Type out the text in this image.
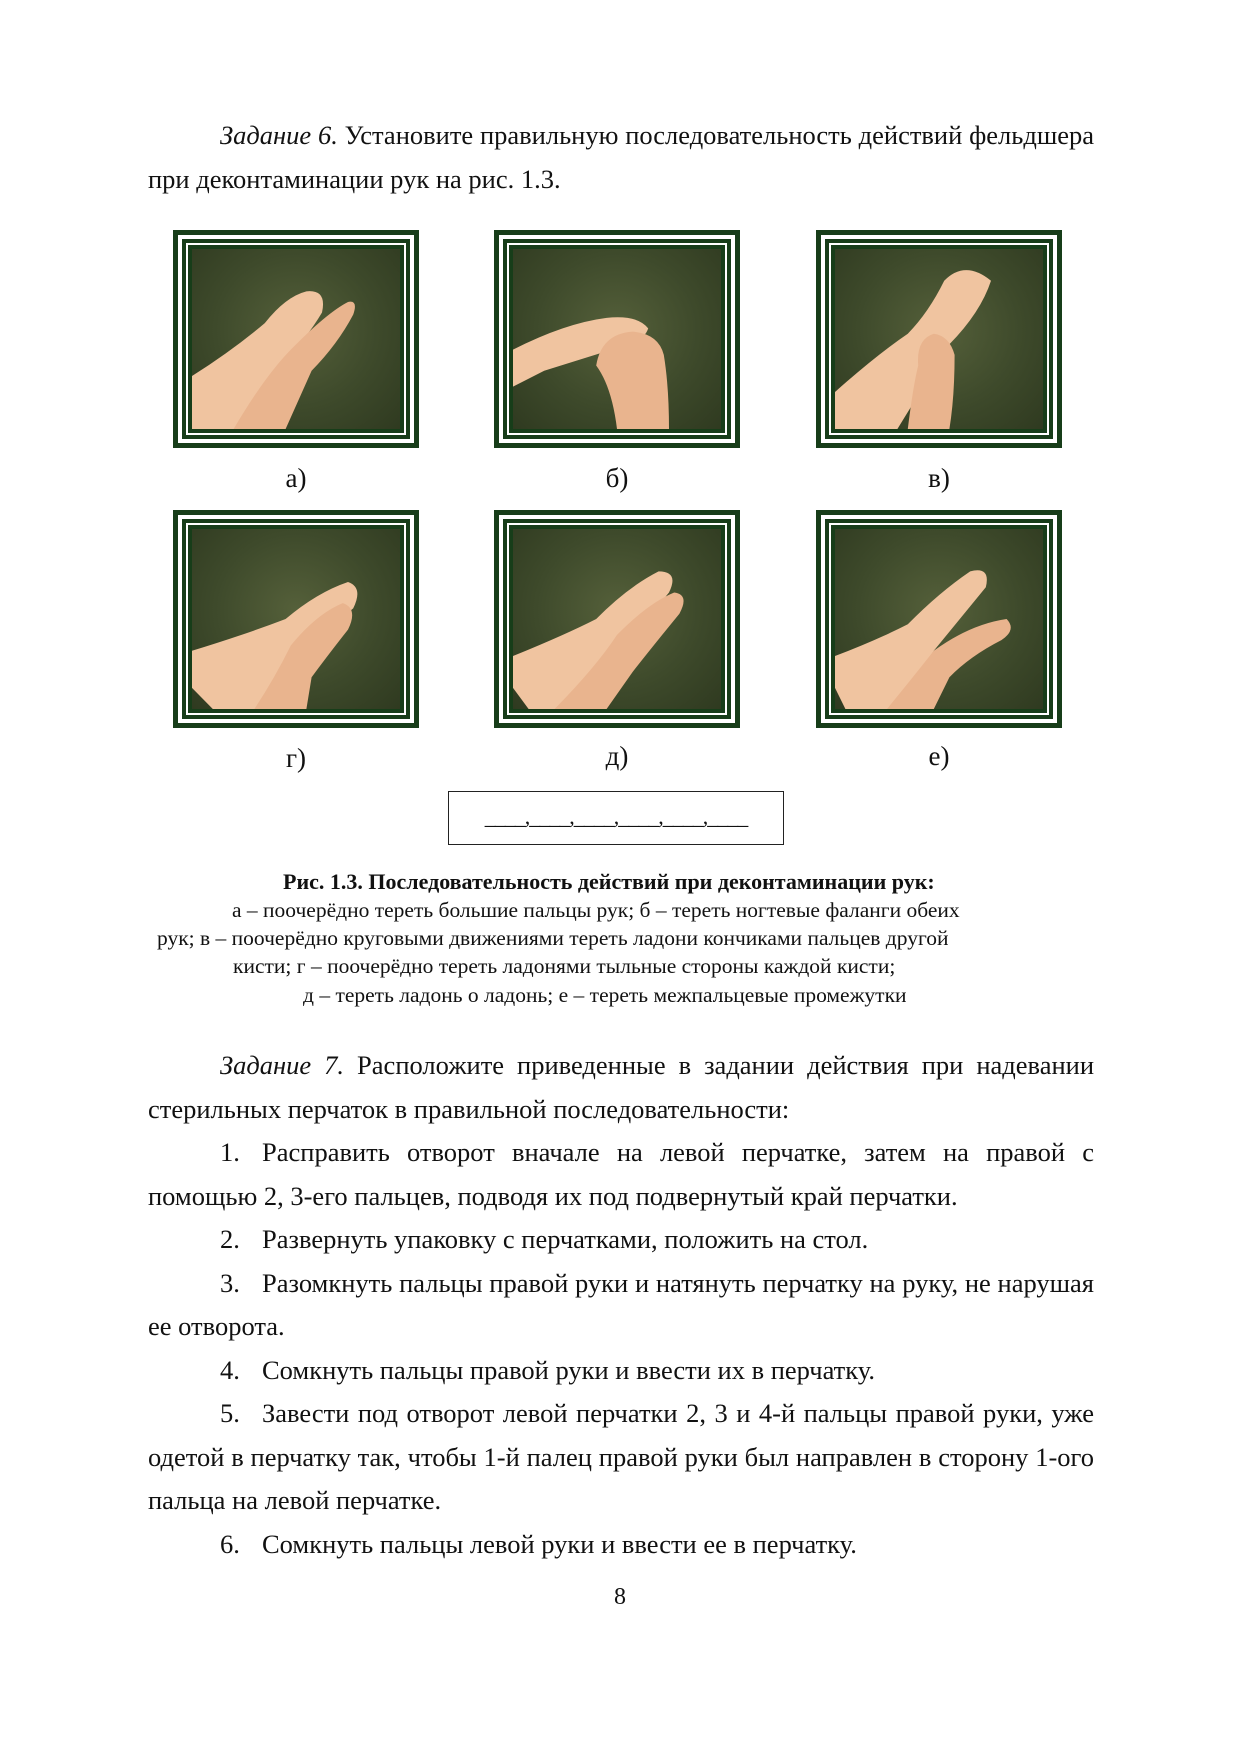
Задание 6. Установите правильную последовательность действий фельдшера при деконтаминации рук на рис. 1.3.

а)	б)	в)
г)	д)	е)
____,____,____,____,____,____
Рис. 1.3. Последовательность действий при деконтаминации рук:
а – поочерёдно тереть большие пальцы рук; б – тереть ногтевые фаланги обеих
рук; в – поочерёдно круговыми движениями тереть ладони кончиками пальцев другой
кисти; г – поочерёдно тереть ладонями тыльные стороны каждой кисти;
д – тереть ладонь о ладонь; е – тереть межпальцевые промежутки

Задание 7. Расположите приведенные в задании действия при надевании стерильных перчаток в правильной последовательности:

1. Расправить отворот вначале на левой перчатке, затем на правой с помощью 2, 3-его пальцев, подводя их под подвернутый край перчатки.

2. Развернуть упаковку с перчатками, положить на стол.

3. Разомкнуть пальцы правой руки и натянуть перчатку на руку, не нарушая ее отворота.

4. Сомкнуть пальцы правой руки и ввести их в перчатку.

5. Завести под отворот левой перчатки 2, 3 и 4-й пальцы правой руки, уже одетой в перчатку так, чтобы 1-й палец правой руки был направлен в сторону 1-ого пальца на левой перчатке.

6. Сомкнуть пальцы левой руки и ввести ее в перчатку.

8
